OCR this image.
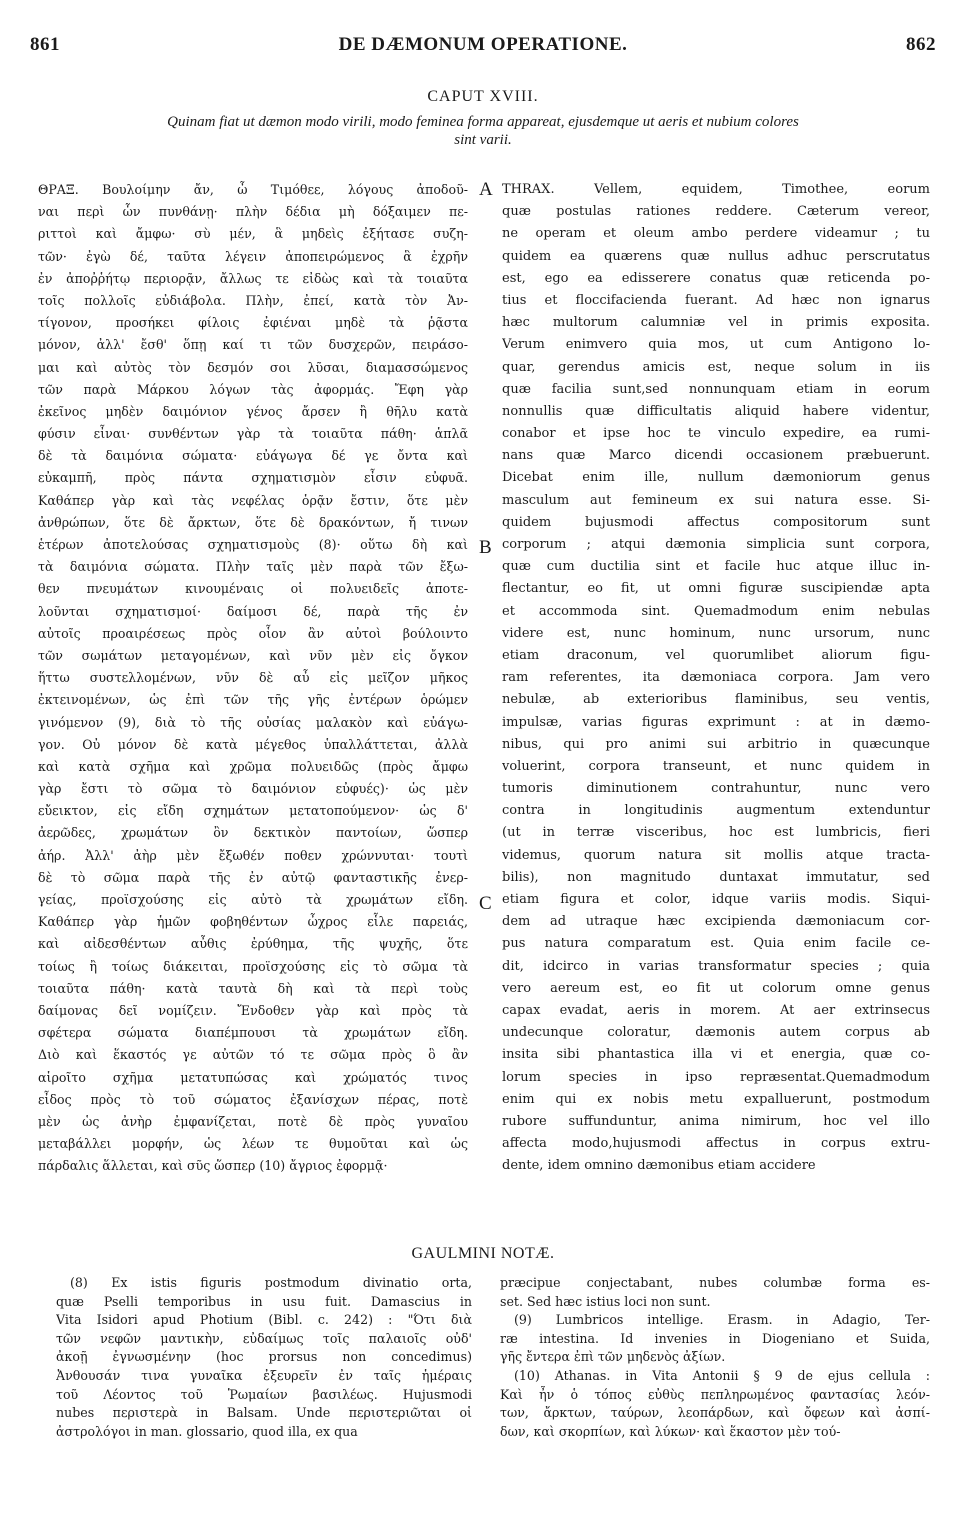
861	DE DÆMONUM OPERATIONE.	862
CAPUT XVIII.
Quinam fiat ut dæmon modo virili, modo feminea forma appareat, ejusdemque ut aeris et nubium colores
sint varii.
ΘΡΑΞ. Βουλοίμην ἄν, ὦ Τιμόθεε, λόγους ἀποδοῦ-
ναι περὶ ὧν πυνθάνῃ· πλὴν δέδια μὴ δόξαιμεν πε-
ριττοὶ καὶ ἄμφω· σὺ μέν, ἃ μηδεὶς ἐξήτασε συζη-
τῶν· ἐγὼ δέ, ταῦτα λέγειν ἀποπειρώμενος ἃ ἐχρῆν
ἐν ἀποῤῥήτῳ περιορᾷν, ἄλλως τε εἰδὼς καὶ τὰ τοιαῦτα
τοῖς πολλοῖς εὐδιάβολα. Πλὴν, ἐπεί, κατὰ τὸν Ἀν-
τίγονον, προσήκει φίλοις ἐφιέναι μηδὲ τὰ ῥᾷστα
μόνον, ἀλλ' ἔσθ' ὅπῃ καί τι τῶν δυσχερῶν, πειράσο-
μαι καὶ αὐτὸς τὸν δεσμόν σοι λῦσαι, διαμασσώμενος
τῶν παρὰ Μάρκου λόγων τὰς ἀφορμάς. Ἔφη γὰρ
ἐκεῖνος μηδὲν δαιμόνιον γένος ἄρσεν ἢ θῆλυ κατὰ
φύσιν εἶναι· συνθέντων γὰρ τὰ τοιαῦτα πάθη· ἁπλᾶ
δὲ τὰ δαιμόνια σώματα· εὐάγωγα δέ γε ὄντα καὶ
εὐκαμπῆ, πρὸς πάντα σχηματισμὸν εἶσιν εὐφυᾶ.
Καθάπερ γὰρ καὶ τὰς νεφέλας ὁρᾷν ἔστιν, ὅτε μὲν
ἀνθρώπων, ὅτε δὲ ἄρκτων, ὅτε δὲ δρακόντων, ἤ τινων
ἑτέρων ἀποτελούσας σχηματισμοὺς (8)· οὕτω δὴ καὶ
τὰ δαιμόνια σώματα. Πλὴν ταῖς μὲν παρὰ τῶν ἔξω-
θεν πνευμάτων κινουμέναις οἱ πολυειδεῖς ἀποτε-
λοῦνται σχηματισμοί· δαίμοσι δέ, παρὰ τῆς ἐν
αὐτοῖς προαιρέσεως πρὸς οἷον ἂν αὐτοὶ βούλοιντο
τῶν σωμάτων μεταγομένων, καὶ νῦν μὲν εἰς ὄγκον
ἥττω συστελλομένων, νῦν δὲ αὖ εἰς μεῖζον μῆκος
ἐκτεινομένων, ὡς ἐπὶ τῶν τῆς γῆς ἐντέρων ὁρώμεν
γινόμενον (9), διὰ τὸ τῆς οὐσίας μαλακὸν καὶ εὐάγω-
γον. Οὐ μόνον δὲ κατὰ μέγεθος ὑπαλλάττεται, ἀλλὰ
καὶ κατὰ σχῆμα καὶ χρῶμα πολυειδῶς (πρὸς ἄμφω
γὰρ ἔστι τὸ σῶμα τὸ δαιμόνιον εὐφυές)· ὡς μὲν
εὔεικτον, εἰς εἴδη σχημάτων μετατοπούμενον· ὡς δ'
ἀερῶδες, χρωμάτων ὂν δεκτικὸν παντοίων, ὥσπερ
ἀήρ. Ἀλλ' ἀὴρ μὲν ἔξωθέν ποθεν χρώννυται· τουτὶ
δὲ τὸ σῶμα παρὰ τῆς ἐν αὐτῷ φανταστικῆς ἐνερ-
γείας, προϊσχούσης εἰς αὐτὸ τὰ χρωμάτων εἴδη.
Καθάπερ γὰρ ἡμῶν φοβηθέντων ὦχρος εἷλε παρειάς,
καὶ αἰδεσθέντων αὖθις ἐρύθημα, τῆς ψυχῆς, ὅτε
τοίως ἢ τοίως διάκειται, προϊσχούσης εἰς τὸ σῶμα τὰ
τοιαῦτα πάθη· κατὰ ταυτὰ δὴ καὶ τὰ περὶ τοὺς
δαίμονας δεῖ νομίζειν. Ἔνδοθεν γὰρ καὶ πρὸς τὰ
σφέτερα σώματα διαπέμπουσι τὰ χρωμάτων εἴδη.
Διὸ καὶ ἕκαστός γε αὐτῶν τό τε σῶμα πρὸς ὃ ἂν
αἱροῖτο σχῆμα μετατυπώσας καὶ χρώματός τινος
εἶδος πρὸς τὸ τοῦ σώματος ἐξανίσχων πέρας, ποτὲ
μὲν ὡς ἀνὴρ ἐμφανίζεται, ποτὲ δὲ πρὸς γυναῖου
μεταβάλλει μορφήν, ὡς λέων τε θυμοῦται καὶ ὡς
πάρδαλις ἅλλεται, καὶ σῦς ὥσπερ (10) ἄγριος ἐφορμᾷ·
A
B
C
THRAX. Vellem, equidem, Timothee, eorum
quæ postulas rationes reddere. Cæterum vereor,
ne operam et oleum ambo perdere videamur ; tu
quidem ea quærens quæ nullus adhuc perscrutatus
est, ego ea edisserere conatus quæ reticenda po-
tius et floccifacienda fuerant. Ad hæc non ignarus
hæc multorum calumniæ vel in primis exposita.
Verum enimvero quia mos, ut cum Antigono lo-
quar, gerendus amicis est, neque solum in iis
quæ facilia sunt,sed nonnunquam etiam in eorum
nonnullis quæ difficultatis aliquid habere videntur,
conabor et ipse hoc te vinculo expedire, ea rumi-
nans quæ Marco dicendi occasionem præbuerunt.
Dicebat enim ille, nullum dæmoniorum genus
masculum aut femineum ex sui natura esse. Si-
quidem bujusmodi affectus compositorum sunt
corporum ; atqui dæmonia simplicia sunt corpora,
quæ cum ductilia sint et facile huc atque illuc in-
flectantur, eo fit, ut omni figuræ suscipiendæ apta
et accommoda sint. Quemadmodum enim nebulas
videre est, nunc hominum, nunc ursorum, nunc
etiam draconum, vel quorumlibet aliorum figu-
ram referentes, ita dæmoniaca corpora. Jam vero
nebulæ, ab exterioribus flaminibus, seu ventis,
impulsæ, varias figuras exprimunt : at in dæmo-
nibus, qui pro animi sui arbitrio in quæcunque
voluerint, corpora transeunt, et nunc quidem in
tumoris diminutionem contrahuntur, nunc vero
contra in longitudinis augmentum extenduntur
(ut in terræ visceribus, hoc est lumbricis, fieri
videmus, quorum natura sit mollis atque tracta-
bilis), non magnitudo duntaxat immutatur, sed
etiam figura et color, idque variis modis. Siqui-
dem ad utraque hæc excipienda dæmoniacum cor-
pus natura comparatum est. Quia enim facile ce-
dit, idcirco in varias transformatur species ; quia
vero aereum est, eo fit ut colorum omne genus
capax evadat, aeris in morem. At aer extrinsecus
undecunque coloratur, dæmonis autem corpus ab
insita sibi phantastica illa vi et energia, quæ co-
lorum species in ipso repræsentat.Quemadmodum
enim qui ex nobis metu expalluerunt, postmodum
rubore suffunduntur, anima nimirum, hoc vel illo
affecta modo,hujusmodi affectus in corpus extru-
dente, idem omnino dæmonibus etiam accidere
GAULMINI NOTÆ.
(8) Ex istis figuris postmodum divinatio orta,
quæ Pselli temporibus in usu fuit. Damascius in
Vita Isidori apud Photium (Bibl. c. 242) : "Ότι διὰ
τῶν νεφῶν μαντικὴν, εὐδαίμως τοῖς παλαιοῖς οὐδ'
ἀκοῇ ἐγνωσμένην (hoc prorsus non concedimus)
Ἀνθουσάν τινα γυναῖκα ἐξευρεῖν ἐν ταῖς ἡμέραις
τοῦ Λέοντος τοῦ Ῥωμαίων βασιλέως. Hujusmodi
nubes περιστερὰ in Balsam. Unde περιστεριῶται οἱ
ἀστρολόγοι in man. glossario, quod illa, ex qua
præcipue conjectabant, nubes columbæ forma es-
set. Sed hæc istius loci non sunt.
(9) Lumbricos intellige. Erasm. in Adagio, Ter-
ræ intestina. Id invenies in Diogeniano et Suida,
γῆς ἔντερα ἐπὶ τῶν μηδενὸς ἀξίων.
(10) Athanas. in Vita Antonii § 9 de ejus cellula :
Καὶ ἦν ὁ τόπος εὐθὺς πεπληρωμένος φαντασίας λεόν-
των, ἄρκτων, ταύρων, λεοπάρδων, καὶ ὄφεων καὶ ἀσπί-
δων, καὶ σκορπίων, καὶ λύκων· καὶ ἕκαστον μὲν τού-
